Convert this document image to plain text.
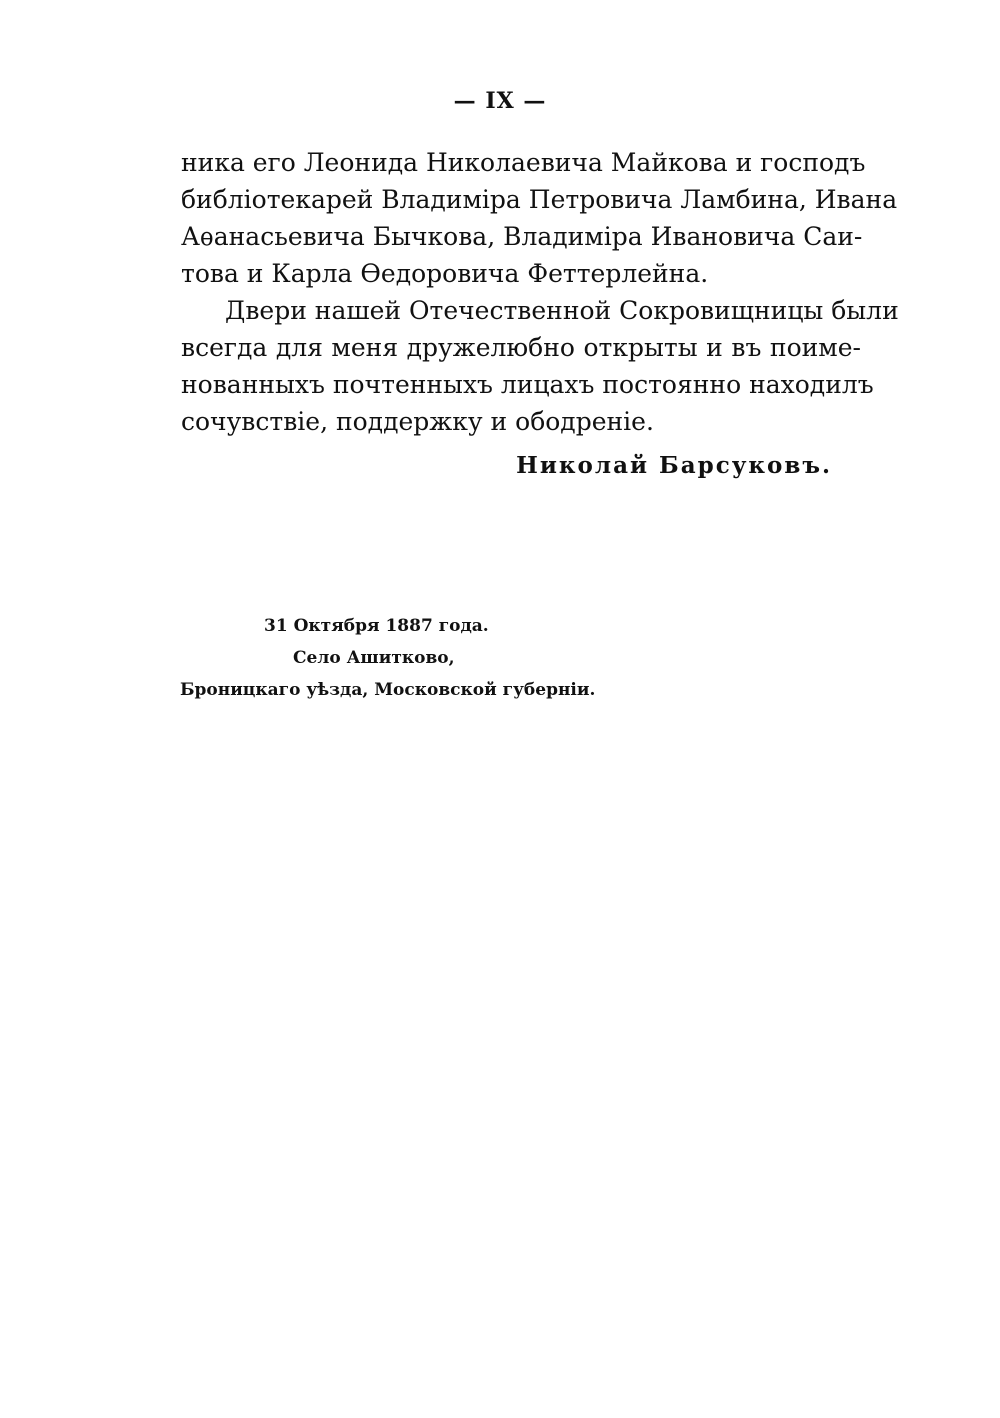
— IX —
ника его Леонида Николаевича Майкова и господъ
библіотекарей Владиміра Петровича Ламбина, Ивана
Аѳанасьевича Бычкова, Владиміра Ивановича Саи-
това и Карла Ѳедоровича Феттерлейна.
Двери нашей Отечественной Сокровищницы были
всегда для меня дружелюбно открыты и въ поиме-
нованныхъ почтенныхъ лицахъ постоянно находилъ
сочувствіе, поддержку и ободреніе.
Николай Барсуковъ.
31 Октября 1887 года.
Село Ашитково,
Броницкаго уѣзда, Московской губерніи.
